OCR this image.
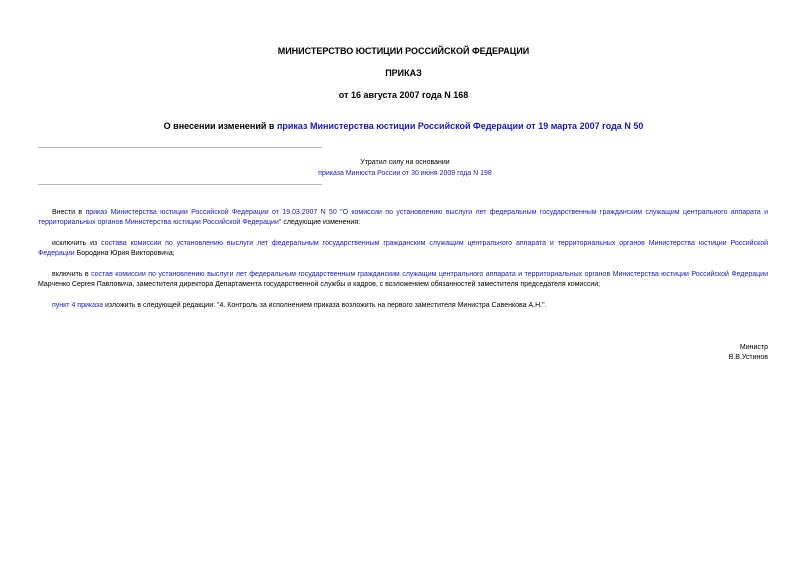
МИНИСТЕРСТВО ЮСТИЦИИ РОССИЙСКОЙ ФЕДЕРАЦИИ
ПРИКАЗ
от 16 августа 2007 года N 168
О внесении изменений в приказ Министерства юстиции Российской Федерации от 19 марта 2007 года N 50
Утратил силу на основании
приказа Минюста России от 30 июня 2009 года N 198
Внести в приказ Министерства юстиции Российской Федерации от 19.03.2007 N 50 "О комиссии по установлению выслуги лет федеральным государственным гражданским служащим центрального аппарата и территориальных органов Министерства юстиции Российской Федерации" следующие изменения:
исключить из состава комиссии по установлению выслуги лет федеральным государственным гражданским служащим центрального аппарата и территориальных органов Министерства юстиции Российской Федерации Бородина Юрия Викторовича;
включить в состав комиссии по установлению выслуги лет федеральным государственным гражданским служащим центрального аппарата и территориальных органов Министерства юстиции Российской Федерации Марченко Сергея Павловича, заместителя директора Департамента государственной службы и кадров, с возложением обязанностей заместителя председателя комиссии;
пункт 4 приказа изложить в следующей редакции: "4. Контроль за исполнением приказа возложить на первого заместителя Министра Савенкова А.Н.".
Министр
В.В.Устинов
